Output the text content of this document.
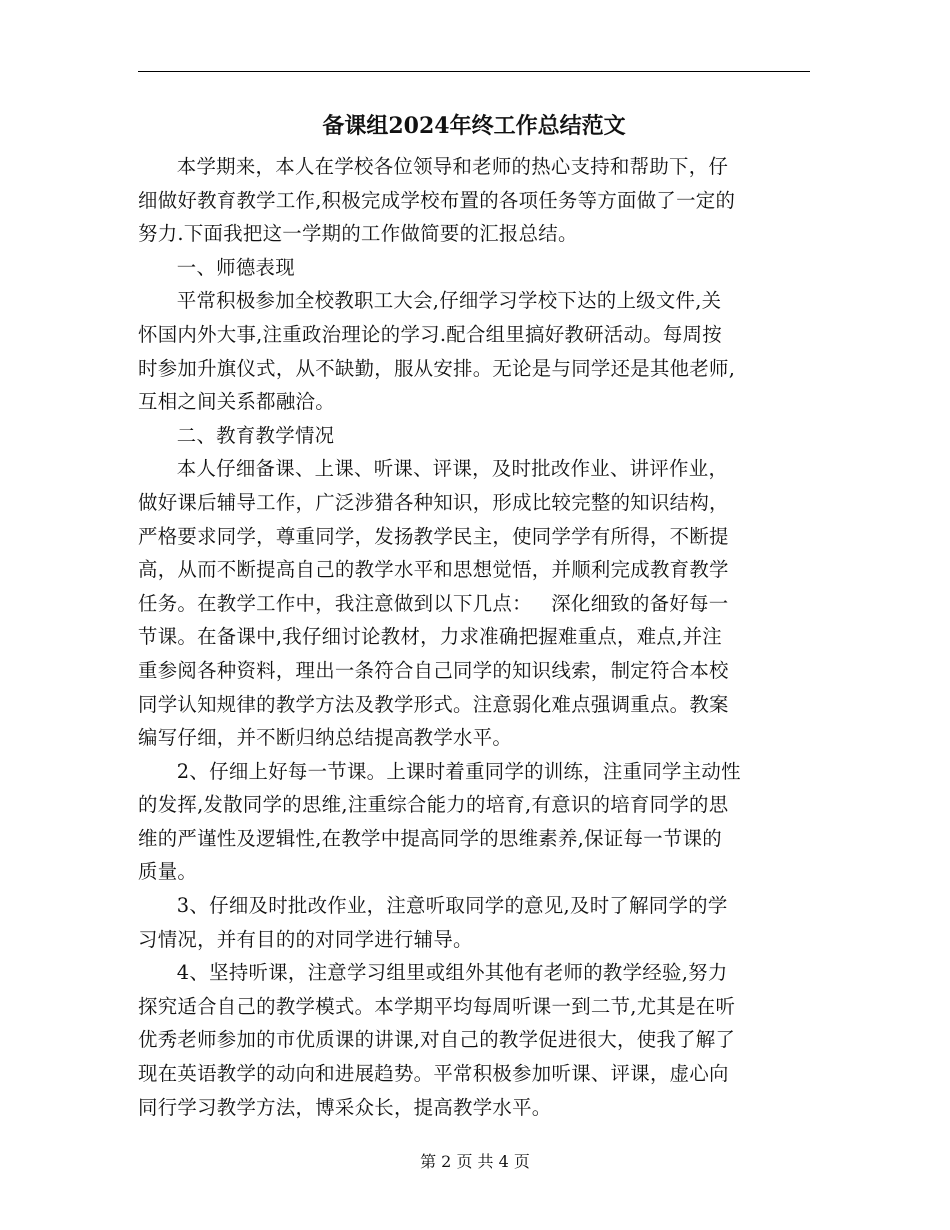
备课组2024年终工作总结范文

本学期来，本人在学校各位领导和老师的热心支持和帮助下，仔

细做好教育教学工作,积极完成学校布置的各项任务等方面做了一定的

努力.下面我把这一学期的工作做简要的汇报总结。

一、师德表现

平常积极参加全校教职工大会,仔细学习学校下达的上级文件,关

怀国内外大事,注重政治理论的学习.配合组里搞好教研活动。每周按

时参加升旗仪式，从不缺勤，服从安排。无论是与同学还是其他老师,

互相之间关系都融洽。

二、教育教学情况

本人仔细备课、上课、听课、评课，及时批改作业、讲评作业，

做好课后辅导工作，广泛涉猎各种知识，形成比较完整的知识结构，

严格要求同学，尊重同学，发扬教学民主，使同学学有所得，不断提

高，从而不断提高自己的教学水平和思想觉悟，并顺利完成教育教学

任务。在教学工作中，我注意做到以下几点：   深化细致的备好每一

节课。在备课中,我仔细讨论教材，力求准确把握难重点，难点,并注

重参阅各种资料，理出一条符合自己同学的知识线索，制定符合本校

同学认知规律的教学方法及教学形式。注意弱化难点强调重点。教案

编写仔细，并不断归纳总结提高教学水平。

2、仔细上好每一节课。上课时着重同学的训练，注重同学主动性

的发挥,发散同学的思维,注重综合能力的培育,有意识的培育同学的思

维的严谨性及逻辑性,在教学中提高同学的思维素养,保证每一节课的

质量。

3、仔细及时批改作业，注意听取同学的意见,及时了解同学的学

习情况，并有目的的对同学进行辅导。

4、坚持听课，注意学习组里或组外其他有老师的教学经验,努力

探究适合自己的教学模式。本学期平均每周听课一到二节,尤其是在听

优秀老师参加的市优质课的讲课,对自己的教学促进很大，使我了解了

现在英语教学的动向和进展趋势。平常积极参加听课、评课，虚心向

同行学习教学方法，博采众长，提高教学水平。

第 2 页 共 4 页
